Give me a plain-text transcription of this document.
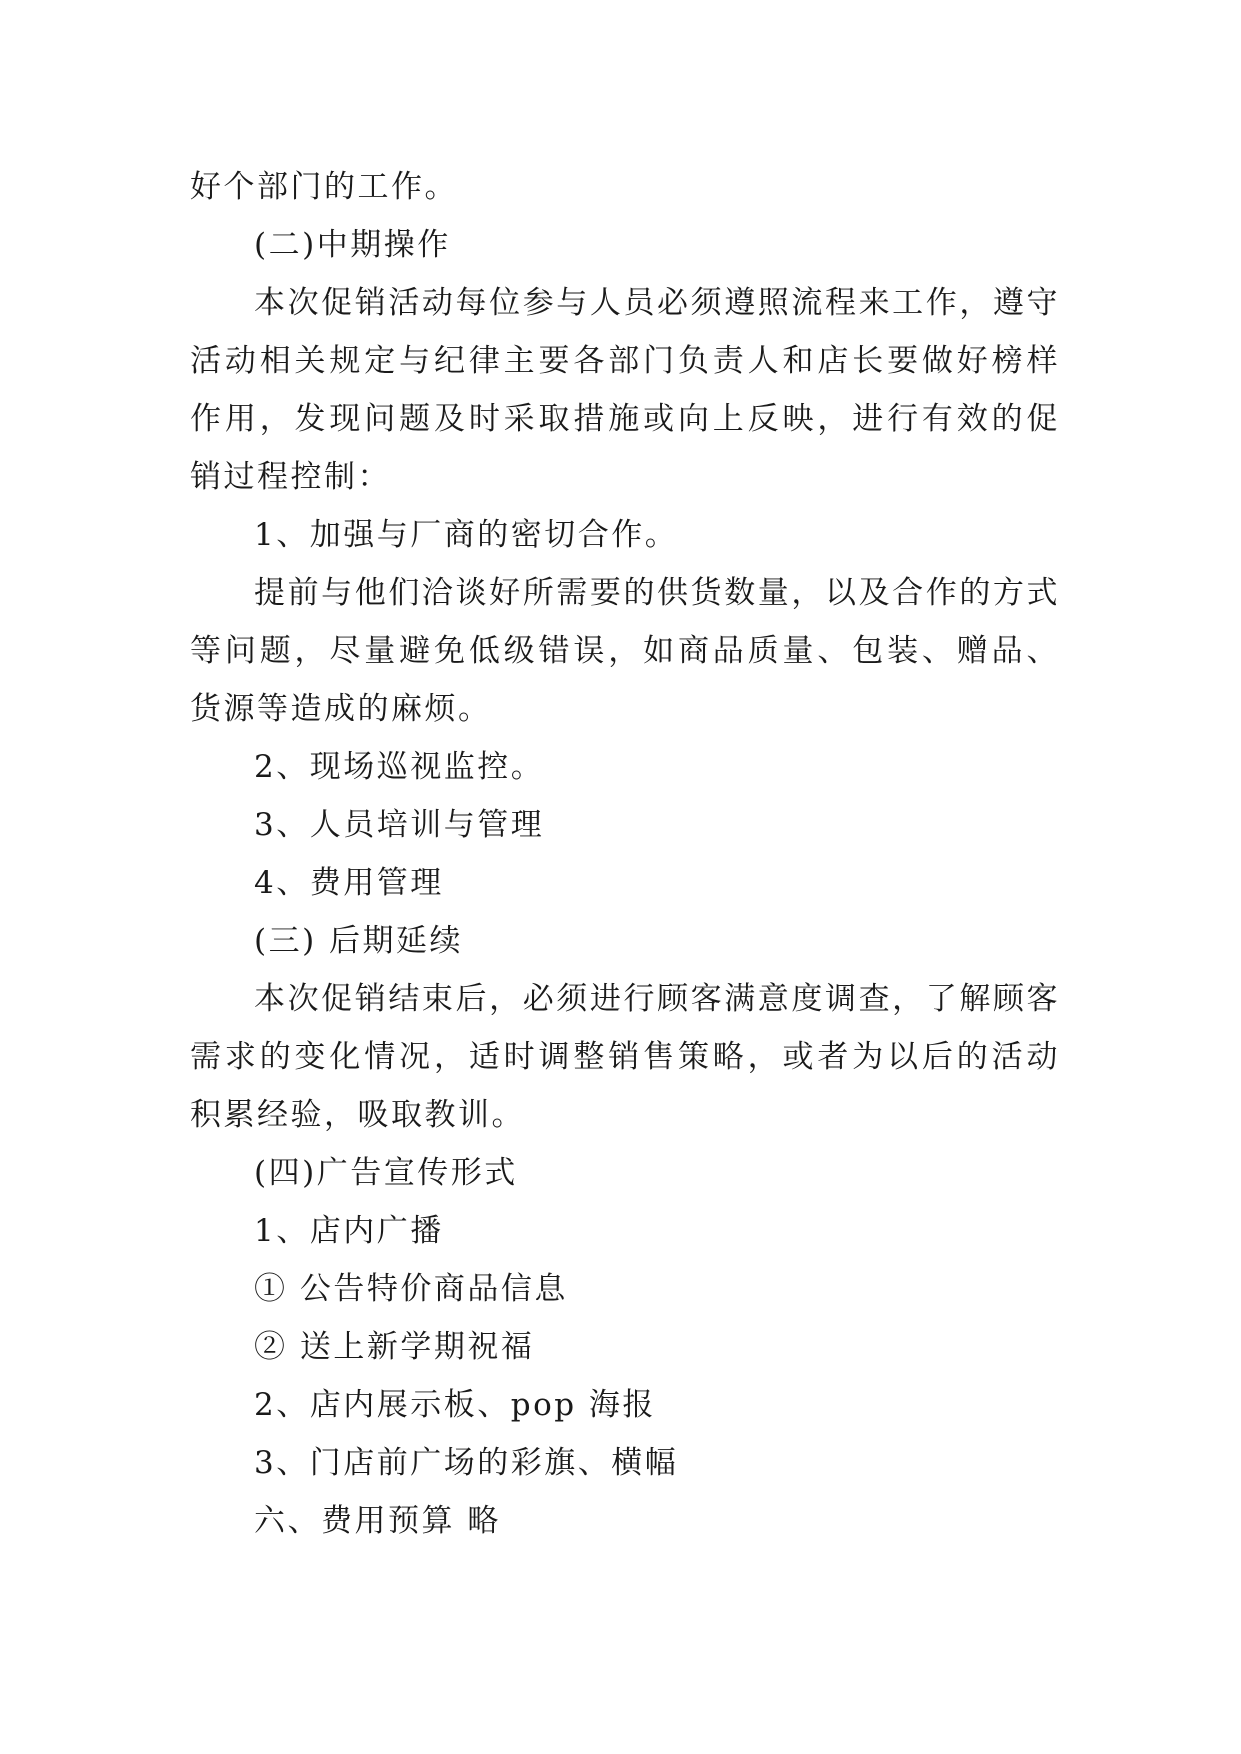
好个部门的工作。

(二)中期操作

本次促销活动每位参与人员必须遵照流程来工作，遵守活动相关规定与纪律主要各部门负责人和店长要做好榜样作用，发现问题及时采取措施或向上反映，进行有效的促销过程控制：

1、加强与厂商的密切合作。

提前与他们洽谈好所需要的供货数量，以及合作的方式等问题，尽量避免低级错误，如商品质量、包装、赠品、货源等造成的麻烦。

2、现场巡视监控。

3、人员培训与管理

4、费用管理

(三) 后期延续

本次促销结束后，必须进行顾客满意度调查，了解顾客需求的变化情况，适时调整销售策略，或者为以后的活动积累经验，吸取教训。

(四)广告宣传形式

1、店内广播

① 公告特价商品信息

② 送上新学期祝福

2、店内展示板、pop 海报

3、门店前广场的彩旗、横幅

六、费用预算 略
